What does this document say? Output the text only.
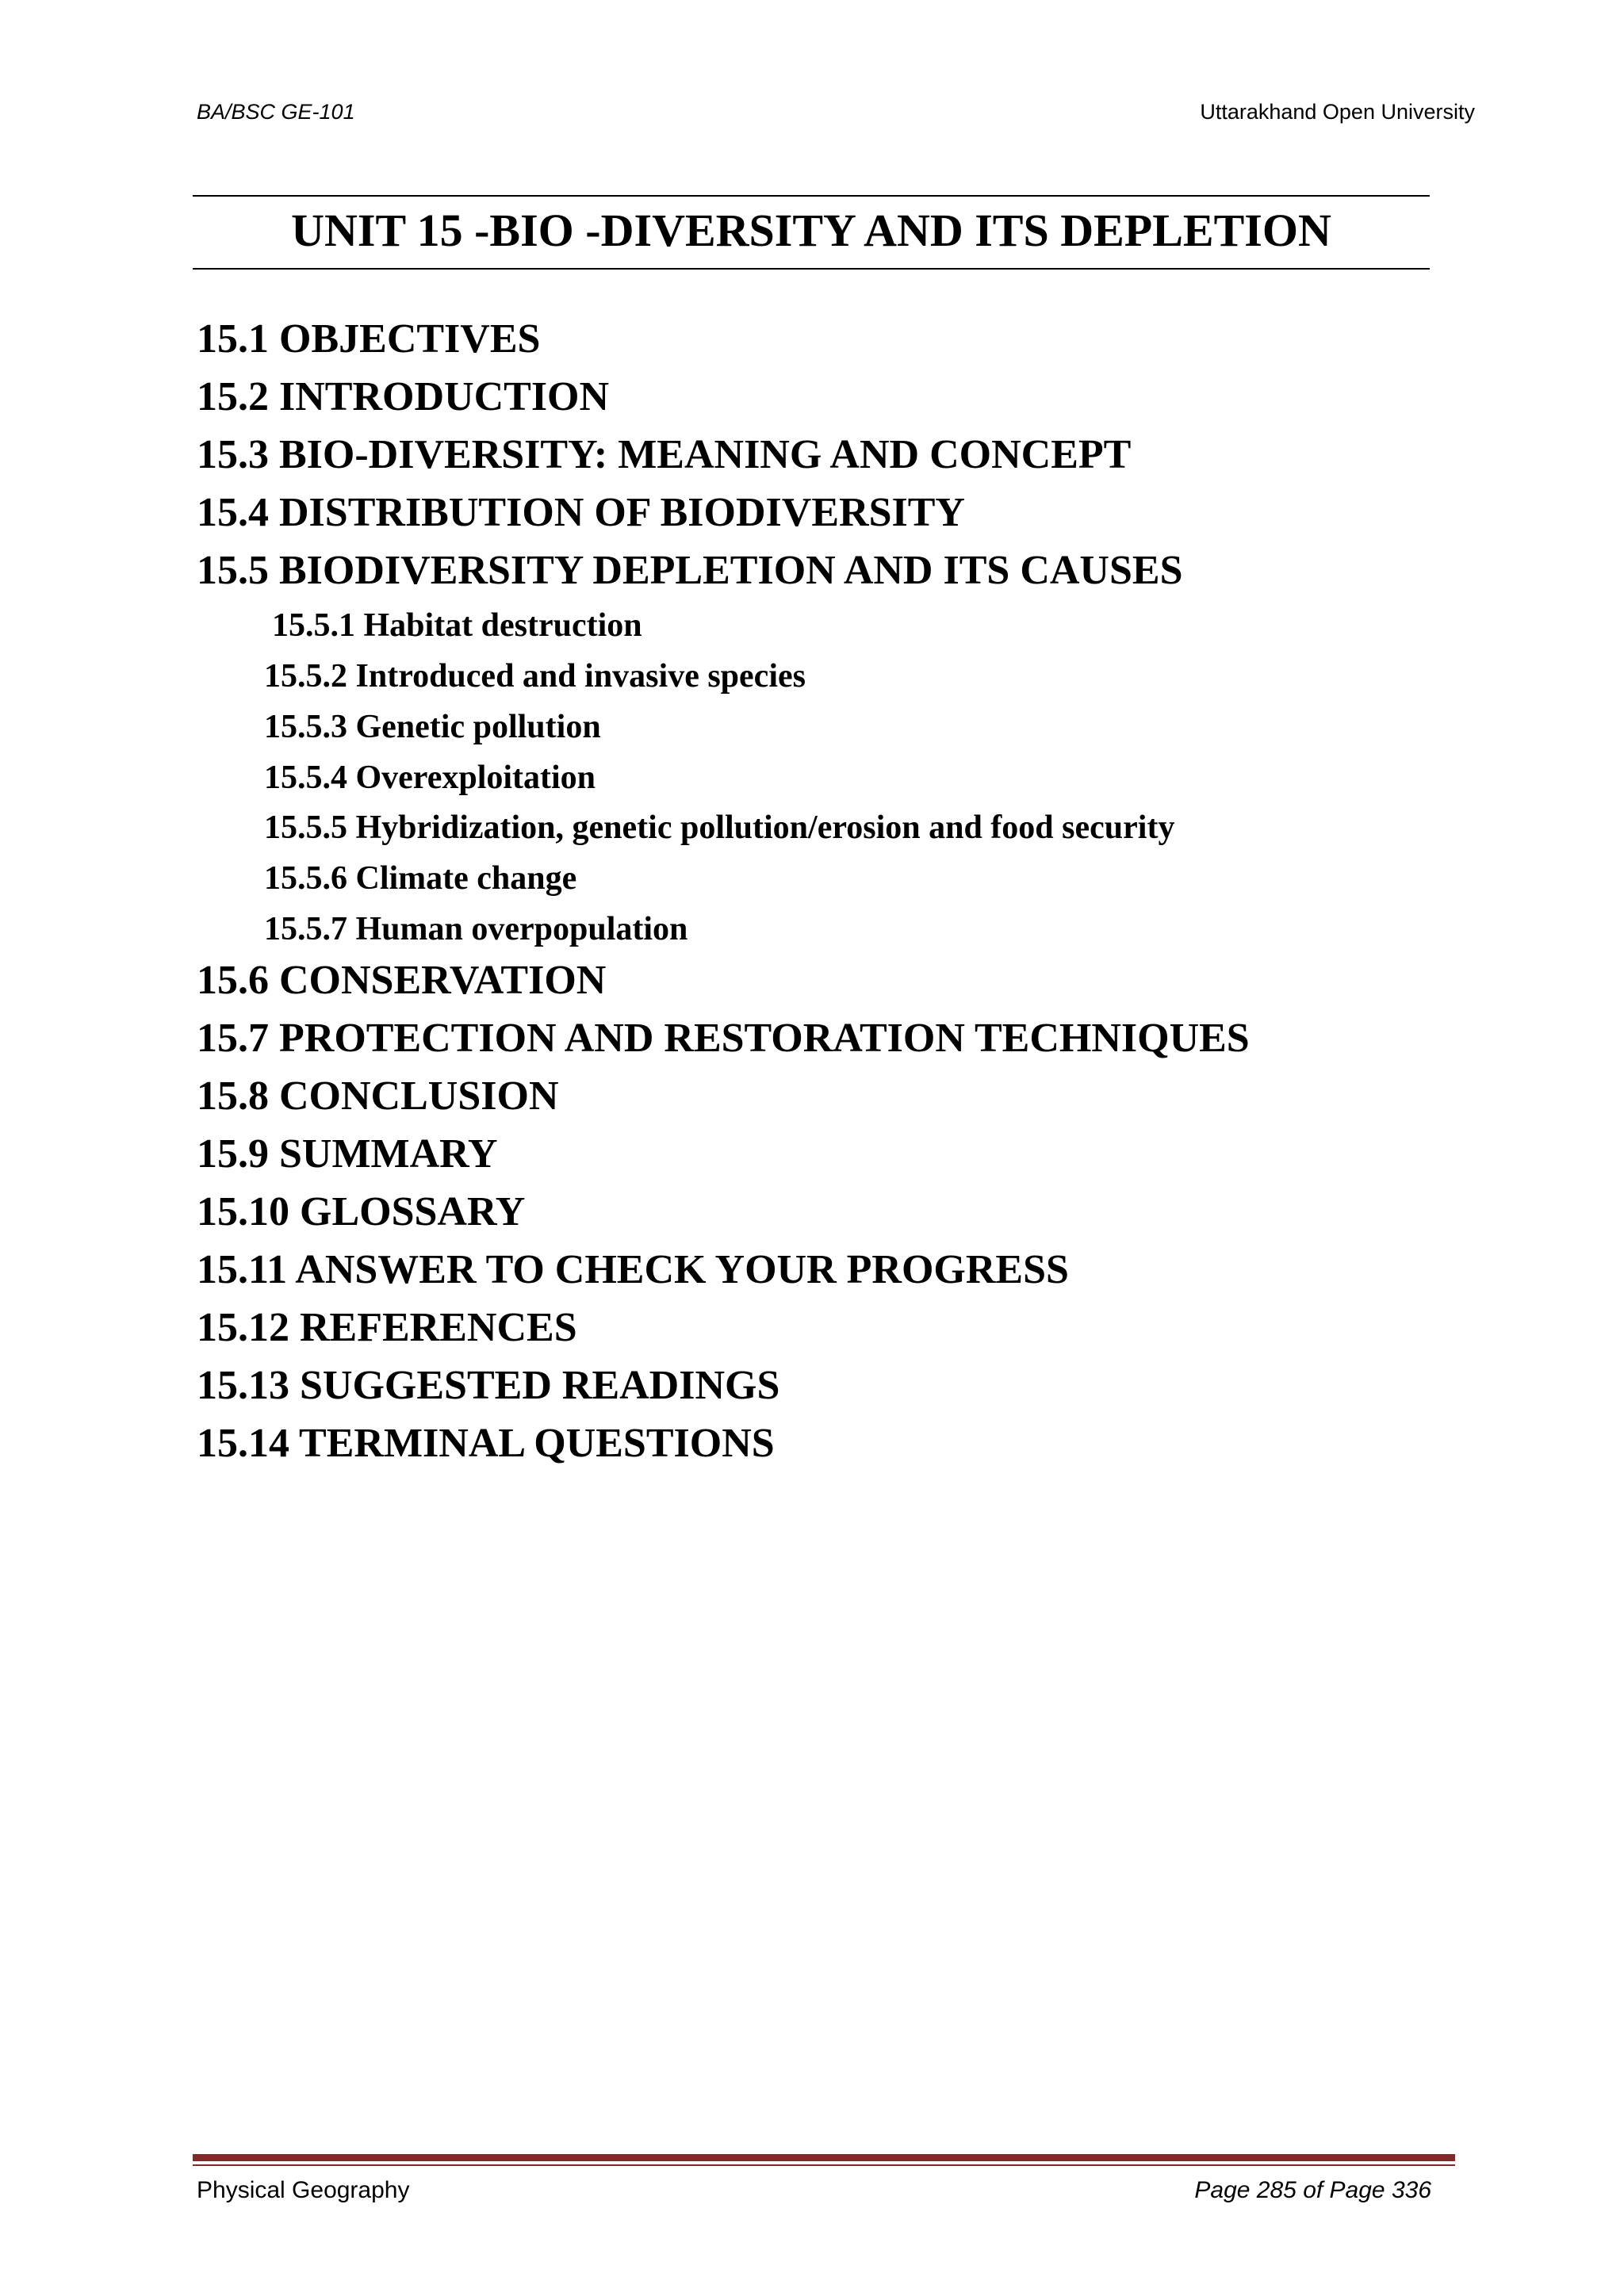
BA/BSC GE-101	Uttarakhand Open University
UNIT 15 -BIO -DIVERSITY AND ITS DEPLETION
15.1 OBJECTIVES
15.2 INTRODUCTION
15.3 BIO-DIVERSITY: MEANING AND CONCEPT
15.4 DISTRIBUTION OF BIODIVERSITY
15.5 BIODIVERSITY DEPLETION AND ITS CAUSES
15.5.1 Habitat destruction
15.5.2 Introduced and invasive species
15.5.3 Genetic pollution
15.5.4 Overexploitation
15.5.5 Hybridization, genetic pollution/erosion and food security
15.5.6 Climate change
15.5.7 Human overpopulation
15.6 CONSERVATION
15.7 PROTECTION AND RESTORATION TECHNIQUES
15.8 CONCLUSION
15.9 SUMMARY
15.10 GLOSSARY
15.11 ANSWER TO CHECK YOUR PROGRESS
15.12 REFERENCES
15.13 SUGGESTED READINGS
15.14 TERMINAL QUESTIONS
Physical Geography	Page 285 of Page 336
